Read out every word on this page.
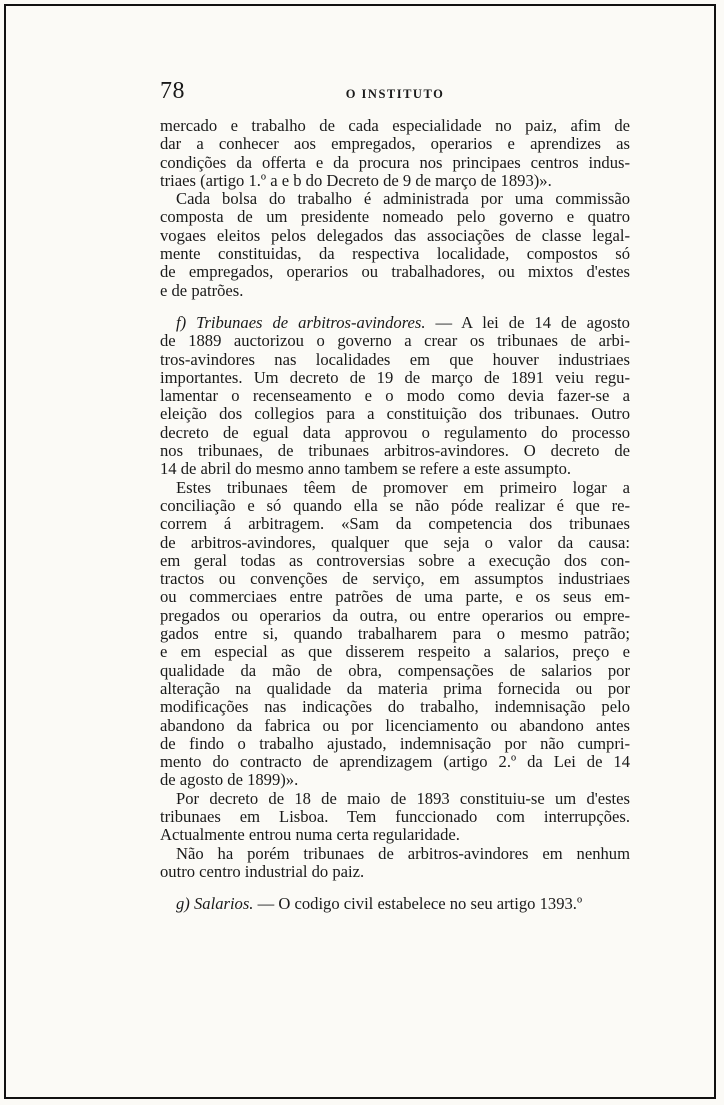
78	O INSTITUTO
mercado e trabalho de cada especialidade no paiz, afim de
dar a conhecer aos empregados, operarios e aprendizes as
condições da offerta e da procura nos principaes centros indus-
triaes (artigo 1.º a e b do Decreto de 9 de março de 1893)».
Cada bolsa do trabalho é administrada por uma commissão
composta de um presidente nomeado pelo governo e quatro
vogaes eleitos pelos delegados das associações de classe legal-
mente constituidas, da respectiva localidade, compostos só
de empregados, operarios ou trabalhadores, ou mixtos d'estes
e de patrões.
f) Tribunaes de arbitros-avindores. — A lei de 14 de agosto
de 1889 auctorizou o governo a crear os tribunaes de arbi-
tros-avindores nas localidades em que houver industriaes
importantes. Um decreto de 19 de março de 1891 veiu regu-
lamentar o recenseamento e o modo como devia fazer-se a
eleição dos collegios para a constituição dos tribunaes. Outro
decreto de egual data approvou o regulamento do processo
nos tribunaes, de tribunaes arbitros-avindores. O decreto de
14 de abril do mesmo anno tambem se refere a este assumpto.
Estes tribunaes têem de promover em primeiro logar a
conciliação e só quando ella se não póde realizar é que re-
correm á arbitragem. «Sam da competencia dos tribunaes
de arbitros-avindores, qualquer que seja o valor da causa:
em geral todas as controversias sobre a execução dos con-
tractos ou convenções de serviço, em assumptos industriaes
ou commerciaes entre patrões de uma parte, e os seus em-
pregados ou operarios da outra, ou entre operarios ou empre-
gados entre si, quando trabalharem para o mesmo patrão;
e em especial as que disserem respeito a salarios, preço e
qualidade da mão de obra, compensações de salarios por
alteração na qualidade da materia prima fornecida ou por
modificações nas indicações do trabalho, indemnisação pelo
abandono da fabrica ou por licenciamento ou abandono antes
de findo o trabalho ajustado, indemnisação por não cumpri-
mento do contracto de aprendizagem (artigo 2.º da Lei de 14
de agosto de 1899)».
Por decreto de 18 de maio de 1893 constituiu-se um d'estes
tribunaes em Lisboa. Tem funccionado com interrupções.
Actualmente entrou numa certa regularidade.
Não ha porém tribunaes de arbitros-avindores em nenhum
outro centro industrial do paiz.
g) Salarios. — O codigo civil estabelece no seu artigo 1393.º
